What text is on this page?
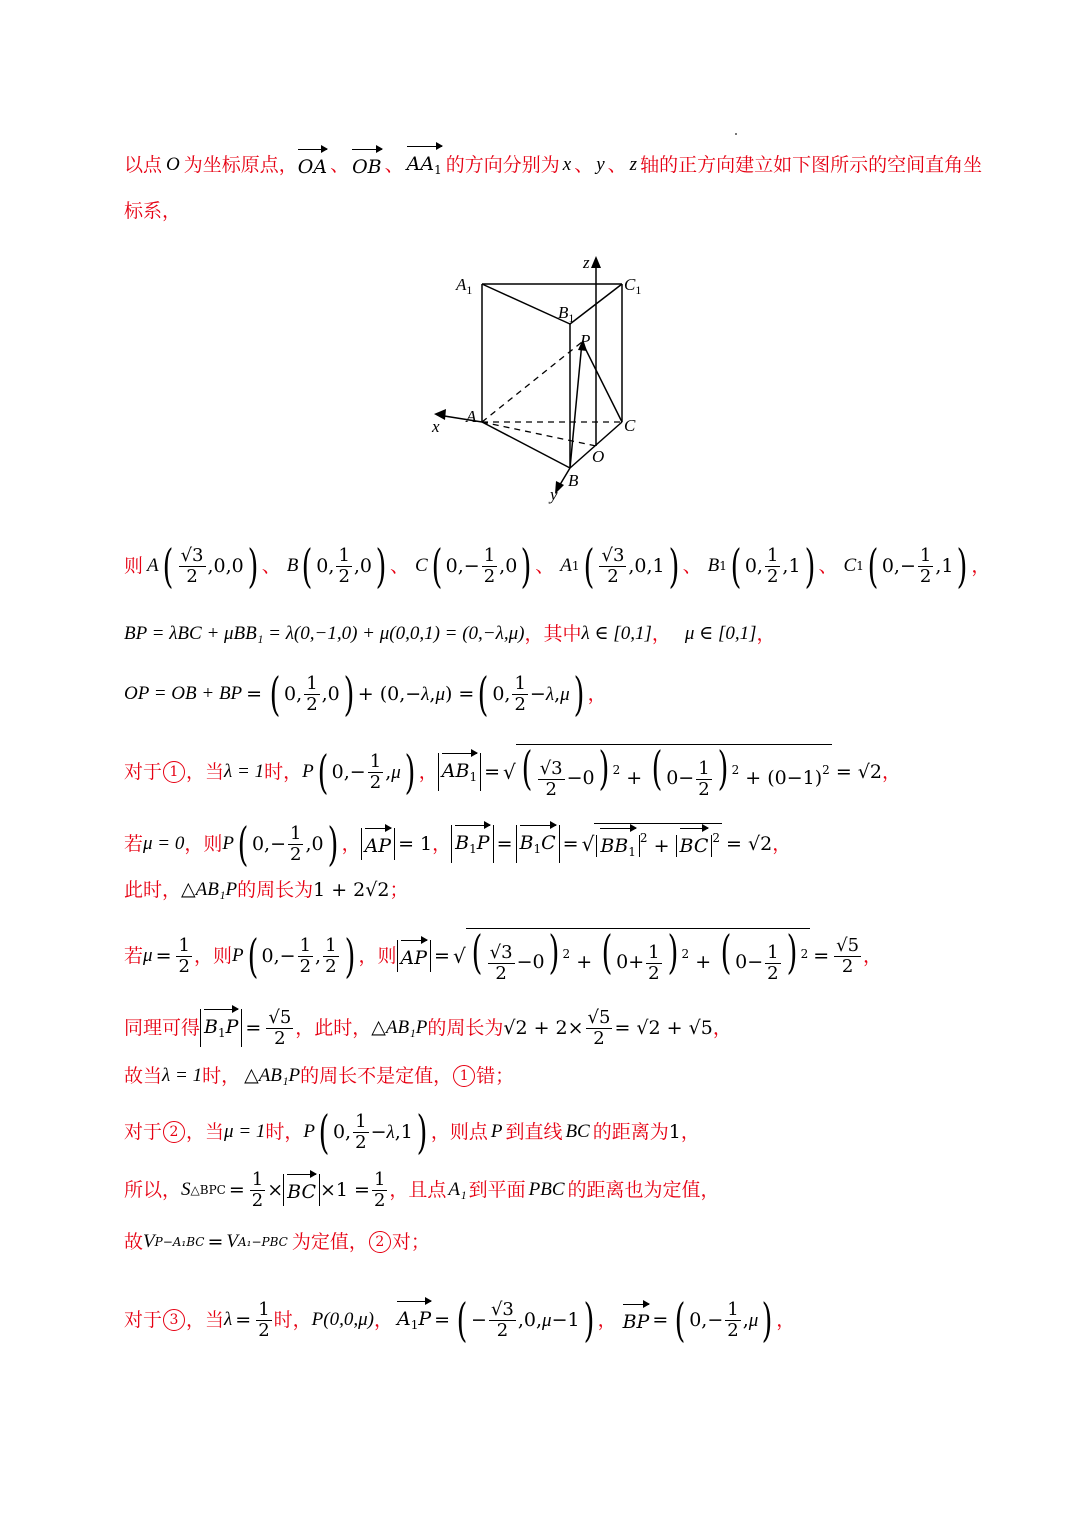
以点 O 为坐标原点， OA 、 OB 、 $AA_1$ 的方向分别为 x 、 y 、 z 轴的正方向建立如下图所示的空间直角坐
标系，
$A_1$	$C_1$
$B_1$
P
A	C
O
B
x
y
z
则 A ( $\frac{√3}{2} ,0,0$ ) 、 B ( 0, $\frac{1}{2} ,0$ ) 、 C ( $0,- \frac{1}{2} ,0$ ) 、 A 1 ( $\frac{√3}{2} ,0,1$ ) 、 B 1 ( 0, $\frac{1}{2} ,1$ ) 、 C 1 ( $0,- \frac{1}{2} ,1$ ) ，
BP = λBC + μBB₁ = λ(0,−1,0) + μ(0,0,1) = (0,−λ,μ) ，其中 λ ∈ [0,1] ， μ ∈ [0,1] ，
OP = OB + BP = ( 0, $\frac{1}{2} ,0$ ) + (0,−λ,μ) = ( 0, $\frac{1}{2} -\lambda,\mu$ ) ，
对于 1 ，当 λ = 1 时， P ( $0,- \frac{1}{2} ,\mu$ ) ， $AB_1$ = √ ( $\frac{√3}{2} -0$) $^2$ + ( $0- \frac{1}{2}$ ) $^2 + (0-1)^2 = √2$ ，
若 μ = 0 ，则 P ( $0,- \frac{1}{2} ,0$ ) ， AP = 1 ， $B_1P = B_1C$ = √ $BB_1^2$ + BC $^2$ = √2 ，
此时， △AB₁P 的周长为 1 + 2√2 ；
若 $\mu = \frac{1}{2}$ ，则 P ( $0,- \frac{1}{2}$ , $\frac{1}{2}$ ) ，则 AP = √ ( $\frac{√3}{2} -0$) $^2$ + ( $0+ \frac{1}{2}$ ) $^2$ + ( $0- \frac{1}{2}$ ) $^2 = \frac{√5}{2}$ ，
同理可得 $B_1P = \frac{√5}{2}$ ，此时， △AB₁P 的周长为 $√2 + 2\times \frac{√5}{2} = √2 + √5$ ，
故当 λ = 1 时， △AB₁P 的周长不是定值， 1 错；
对于 2 ，当 μ = 1 时， P ( 0, $\frac{1}{2} -\lambda,1$ ) ，则点 P 到直线 BC 的距离为 1 ，
所以， S △BPC = $\frac{1}{2}$ × BC $\times 1 = \frac{1}{2}$ ，且点 A₁ 到平面 PBC 的距离也为定值，
故 V P−A₁BC = V A₁−PBC 为定值， 2 对；
对于 3 ，当 $\lambda = \frac{1}{2}$ 时， P(0,0,μ) ， $A_1P$ = ( − $\frac{√3}{2} ,0,\mu-1$ ) ， BP = ( $0,- \frac{1}{2} ,\mu$ ) ，
